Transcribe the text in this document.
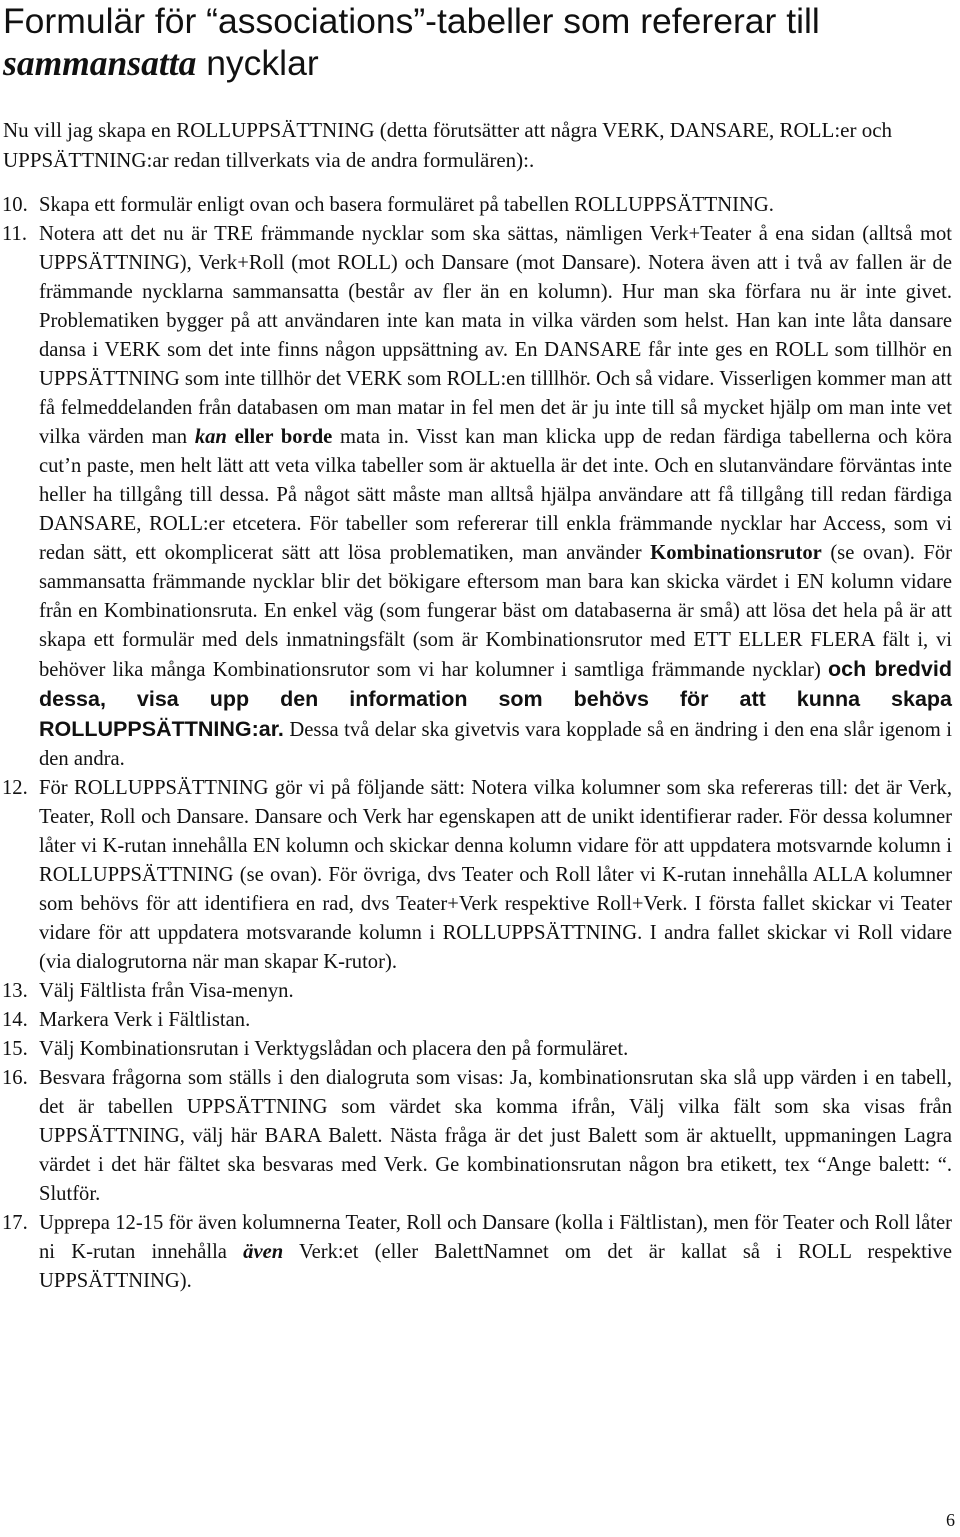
Formulär för “associations”-tabeller som refererar till sammansatta nycklar
Nu vill jag skapa en ROLLUPPSÄTTNING (detta förutsätter att några VERK, DANSARE, ROLL:er och UPPSÄTTNING:ar redan tillverkats via de andra formulären):.
10. Skapa ett formulär enligt ovan och basera formuläret på tabellen ROLLUPPSÄTTNING.
11. Notera att det nu är TRE främmande nycklar som ska sättas, nämligen Verk+Teater å ena sidan (alltså mot UPPSÄTTNING), Verk+Roll (mot ROLL) och Dansare (mot Dansare). Notera även att i två av fallen är de främmande nycklarna sammansatta (består av fler än en kolumn). Hur man ska förfara nu är inte givet. Problematiken bygger på att användaren inte kan mata in vilka värden som helst. Han kan inte låta dansare dansa i VERK som det inte finns någon uppsättning av. En DANSARE får inte ges en ROLL som tillhör en UPPSÄTTNING som inte tillhör det VERK som ROLL:en tilllhör. Och så vidare. Visserligen kommer man att få felmeddelanden från databasen om man matar in fel men det är ju inte till så mycket hjälp om man inte vet vilka värden man kan eller borde mata in. Visst kan man klicka upp de redan färdiga tabellerna och köra cut’n paste, men helt lätt att veta vilka tabeller som är aktuella är det inte. Och en slutanvändare förväntas inte heller ha tillgång till dessa. På något sätt måste man alltså hjälpa användare att få tillgång till redan färdiga DANSARE, ROLL:er etcetera. För tabeller som refererar till enkla främmande nycklar har Access, som vi redan sätt, ett okomplicerat sätt att lösa problematiken, man använder Kombinationsrutor (se ovan). För sammansatta främmande nycklar blir det bökigare eftersom man bara kan skicka värdet i EN kolumn vidare från en Kombinationsruta. En enkel väg (som fungerar bäst om databaserna är små) att lösa det hela på är att skapa ett formulär med dels inmatningsfält (som är Kombinationsrutor med ETT ELLER FLERA fält i, vi behöver lika många Kombinationsrutor som vi har kolumner i samtliga främmande nycklar) och bredvid dessa, visa upp den information som behövs för att kunna skapa ROLLUPPSÄTTNING:ar. Dessa två delar ska givetvis vara kopplade så en ändring i den ena slår igenom i den andra.
12. För ROLLUPPSÄTTNING gör vi på följande sätt: Notera vilka kolumner som ska refereras till: det är Verk, Teater, Roll och Dansare. Dansare och Verk har egenskapen att de unikt identifierar rader. För dessa kolumner låter vi K-rutan innehålla EN kolumn och skickar denna kolumn vidare för att uppdatera motsvarnde kolumn i ROLLUPPSÄTTNING (se ovan). För övriga, dvs Teater och Roll låter vi K-rutan innehålla ALLA kolumner som behövs för att identifiera en rad, dvs Teater+Verk respektive Roll+Verk. I första fallet skickar vi Teater vidare för att uppdatera motsvarande kolumn i ROLLUPPSÄTTNING. I andra fallet skickar vi Roll vidare (via dialogrutorna när man skapar K-rutor).
13. Välj Fältlista från Visa-menyn.
14. Markera Verk i Fältlistan.
15. Välj Kombinationsrutan i Verktygslådan och placera den på formuläret.
16. Besvara frågorna som ställs i den dialogruta som visas: Ja, kombinationsrutan ska slå upp värden i en tabell, det är tabellen UPPSÄTTNING som värdet ska komma ifrån, Välj vilka fält som ska visas från UPPSÄTTNING, välj här BARA Balett. Nästa fråga är det just Balett som är aktuellt, uppmaningen Lagra värdet i det här fältet ska besvaras med Verk. Ge kombinationsrutan någon bra etikett, tex “Ange balett: “. Slutför.
17. Upprepa 12-15 för även kolumnerna Teater, Roll och Dansare (kolla i Fältlistan), men för Teater och Roll låter ni K-rutan innehålla även Verk:et (eller BalettNamnet om det är kallat så i ROLL respektive UPPSÄTTNING).
6
